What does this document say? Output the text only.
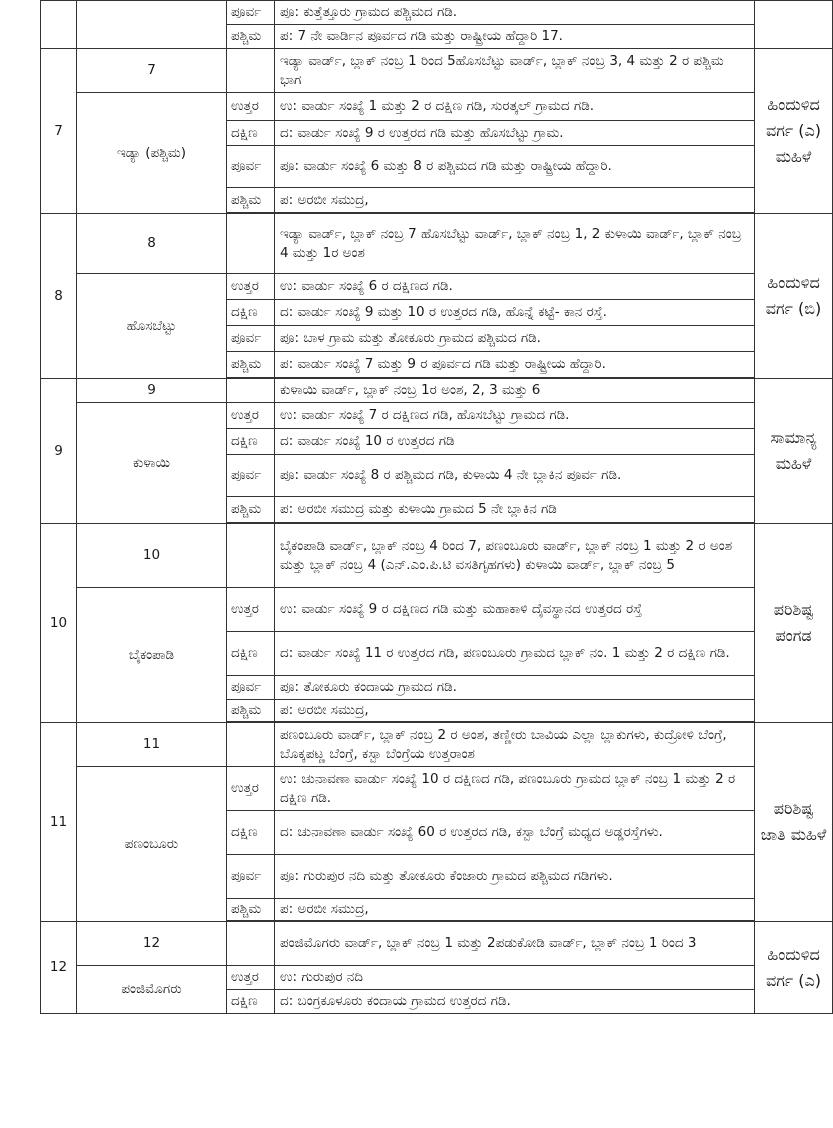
		ಪೂರ್ವ	ಪೂ: ಕುತ್ತೆತ್ತೂರು ಗ್ರಾಮದ ಪಶ್ಚಿಮದ ಗಡಿ.	
		ಪಶ್ಚಿಮ	ಪ: 7 ನೇ ವಾರ್ಡಿನ ಪೂರ್ವದ ಗಡಿ ಮತ್ತು ರಾಷ್ಟ್ರೀಯ ಹೆದ್ದಾರಿ 17.	
7	7		ಇಡ್ಯಾ ವಾರ್ಡ್, ಬ್ಲಾಕ್ ನಂಬ್ರ 1 ರಿಂದ 5ಹೊಸಬೆಟ್ಟು ವಾರ್ಡ್, ಬ್ಲಾಕ್ ನಂಬ್ರ 3, 4 ಮತ್ತು 2 ರ ಪಶ್ಚಿಮ ಭಾಗ	ಹಿಂದುಳಿದ ವರ್ಗ (ಎ) ಮಹಿಳೆ
	ಇಡ್ಯಾ (ಪಶ್ಚಿಮ)	ಉತ್ತರ	ಉ: ವಾರ್ಡು ಸಂಖ್ಯೆ 1 ಮತ್ತು 2 ರ ದಕ್ಷಿಣ ಗಡಿ, ಸುರತ್ಕಲ್ ಗ್ರಾಮದ ಗಡಿ.	
		ದಕ್ಷಿಣ	ದ: ವಾರ್ಡು ಸಂಖ್ಯೆ 9 ರ ಉತ್ತರದ ಗಡಿ ಮತ್ತು ಹೊಸಬೆಟ್ಟು ಗ್ರಾಮ.	
		ಪೂರ್ವ	ಪೂ: ವಾರ್ಡು ಸಂಖ್ಯೆ 6 ಮತ್ತು 8 ರ ಪಶ್ಚಿಮದ ಗಡಿ ಮತ್ತು ರಾಷ್ಟ್ರೀಯ ಹೆದ್ದಾರಿ.	
		ಪಶ್ಚಿಮ	ಪ: ಅರಬೀ ಸಮುದ್ರ,	

8	8		ಇಡ್ಯಾ ವಾರ್ಡ್, ಬ್ಲಾಕ್ ನಂಬ್ರ 7 ಹೊಸಬೆಟ್ಟು ವಾರ್ಡ್, ಬ್ಲಾಕ್ ನಂಬ್ರ 1, 2 ಕುಳಾಯಿ ವಾರ್ಡ್, ಬ್ಲಾಕ್ ನಂಬ್ರ 4 ಮತ್ತು 1ರ ಅಂಶ	ಹಿಂದುಳಿದ ವರ್ಗ (ಬಿ)
	ಹೊಸಬೆಟ್ಟು	ಉತ್ತರ	ಉ: ವಾರ್ಡು ಸಂಖ್ಯೆ 6 ರ ದಕ್ಷಿಣದ ಗಡಿ.	
		ದಕ್ಷಿಣ	ದ: ವಾರ್ಡು ಸಂಖ್ಯೆ 9 ಮತ್ತು 10 ರ ಉತ್ತರದ ಗಡಿ, ಹೊನ್ನೆ ಕಟ್ಟೆ- ಕಾನ ರಸ್ತೆ.	
		ಪೂರ್ವ	ಪೂ: ಬಾಳ ಗ್ರಾಮ ಮತ್ತು ತೋಕೂರು ಗ್ರಾಮದ ಪಶ್ಚಿಮದ ಗಡಿ.	
		ಪಶ್ಚಿಮ	ಪ: ವಾರ್ಡು ಸಂಖ್ಯೆ 7 ಮತ್ತು 9 ರ ಪೂರ್ವದ ಗಡಿ ಮತ್ತು ರಾಷ್ಟ್ರೀಯ ಹೆದ್ದಾರಿ.	

9	9		ಕುಳಾಯಿ ವಾರ್ಡ್, ಬ್ಲಾಕ್ ನಂಬ್ರ 1ರ ಅಂಶ, 2, 3 ಮತ್ತು 6	ಸಾಮಾನ್ಯ ಮಹಿಳೆ
	ಕುಳಾಯಿ	ಉತ್ತರ	ಉ: ವಾರ್ಡು ಸಂಖ್ಯೆ 7 ರ ದಕ್ಷಿಣದ ಗಡಿ, ಹೊಸಬೆಟ್ಟು ಗ್ರಾಮದ ಗಡಿ.	
		ದಕ್ಷಿಣ	ದ: ವಾರ್ಡು ಸಂಖ್ಯೆ 10 ರ ಉತ್ತರದ ಗಡಿ	
		ಪೂರ್ವ	ಪೂ: ವಾರ್ಡು ಸಂಖ್ಯೆ 8 ರ ಪಶ್ಚಿಮದ ಗಡಿ, ಕುಳಾಯಿ 4 ನೇ ಬ್ಲಾಕಿನ ಪೂರ್ವ ಗಡಿ.	
		ಪಶ್ಚಿಮ	ಪ: ಅರಬೀ ಸಮುದ್ರ ಮತ್ತು ಕುಳಾಯಿ ಗ್ರಾಮದ 5 ನೇ ಬ್ಲಾಕಿನ ಗಡಿ	

10	10		ಬೈಕಂಪಾಡಿ ವಾರ್ಡ್, ಬ್ಲಾಕ್ ನಂಬ್ರ 4 ರಿಂದ 7, ಪಣಂಬೂರು ವಾರ್ಡ್, ಬ್ಲಾಕ್ ನಂಬ್ರ 1 ಮತ್ತು 2 ರ ಅಂಶ ಮತ್ತು ಬ್ಲಾಕ್ ನಂಬ್ರ 4 (ಎನ್.ಎಂ.ಪಿ.ಟಿ ವಸತಿಗೃಹಗಳು) ಕುಳಾಯಿ ವಾರ್ಡ್, ಬ್ಲಾಕ್ ನಂಬ್ರ 5	ಪರಿಶಿಷ್ಟ ಪಂಗಡ
	ಬೈಕಂಪಾಡಿ	ಉತ್ತರ	ಉ: ವಾರ್ಡು ಸಂಖ್ಯೆ 9 ರ ದಕ್ಷಿಣದ ಗಡಿ ಮತ್ತು ಮಹಾಕಾಳಿ ದೈವಸ್ಥಾನದ ಉತ್ತರದ ರಸ್ತೆ	
		ದಕ್ಷಿಣ	ದ: ವಾರ್ಡು ಸಂಖ್ಯೆ 11 ರ ಉತ್ತರದ ಗಡಿ, ಪಣಂಬೂರು ಗ್ರಾಮದ ಬ್ಲಾಕ್ ನಂ. 1 ಮತ್ತು 2 ರ ದಕ್ಷಿಣ ಗಡಿ.	
		ಪೂರ್ವ	ಪೂ: ತೋಕೂರು ಕಂದಾಯ ಗ್ರಾಮದ ಗಡಿ.	
		ಪಶ್ಚಿಮ	ಪ: ಅರಬೀ ಸಮುದ್ರ,	

11	11		ಪಣಂಬೂರು ವಾರ್ಡ್, ಬ್ಲಾಕ್ ನಂಬ್ರ 2 ರ ಅಂಶ, ತಣ್ಣೀರು ಬಾವಿಯ ಎಲ್ಲಾ ಬ್ಲಾಕುಗಳು, ಕುದ್ರೋಳಿ ಬೆಂಗ್ರೆ, ಬೊಕ್ಕಪಟ್ಣ ಬೆಂಗ್ರೆ, ಕಸ್ಬಾ ಬೆಂಗ್ರೆಯ ಉತ್ತರಾಂಶ	ಪರಿಶಿಷ್ಟ ಜಾತಿ ಮಹಿಳೆ
	ಪಣಂಬೂರು	ಉತ್ತರ	ಉ: ಚುನಾವಣಾ ವಾರ್ಡು ಸಂಖ್ಯೆ 10 ರ ದಕ್ಷಿಣದ ಗಡಿ, ಪಣಂಬೂರು ಗ್ರಾಮದ ಬ್ಲಾಕ್ ನಂಬ್ರ 1 ಮತ್ತು 2 ರ ದಕ್ಷಿಣ ಗಡಿ.	
		ದಕ್ಷಿಣ	ದ: ಚುನಾವಣಾ ವಾರ್ಡು ಸಂಖ್ಯೆ 60 ರ ಉತ್ತರದ ಗಡಿ, ಕಸ್ಬಾ ಬೆಂಗ್ರೆ ಮಧ್ಯದ ಅಡ್ಡರಸ್ತೆಗಳು.	
		ಪೂರ್ವ	ಪೂ: ಗುರುಪುರ ನದಿ ಮತ್ತು ತೋಕೂರು ಕೆಂಜಾರು ಗ್ರಾಮದ ಪಶ್ಚಿಮದ ಗಡಿಗಳು.	
		ಪಶ್ಚಿಮ	ಪ: ಅರಬೀ ಸಮುದ್ರ,	

12	12		ಪಂಜಿಮೊಗರು ವಾರ್ಡ್, ಬ್ಲಾಕ್ ನಂಬ್ರ 1 ಮತ್ತು 2ಪಡುಕೋಡಿ ವಾರ್ಡ್, ಬ್ಲಾಕ್ ನಂಬ್ರ 1 ರಿಂದ 3	ಹಿಂದುಳಿದ ವರ್ಗ (ಎ)
	ಪಂಜಿಮೊಗರು	ಉತ್ತರ	ಉ: ಗುರುಪುರ ನದಿ	
		ದಕ್ಷಿಣ	ದ: ಬಂಗ್ರಕೂಳೂರು ಕಂದಾಯ ಗ್ರಾಮದ ಉತ್ತರದ ಗಡಿ.	
